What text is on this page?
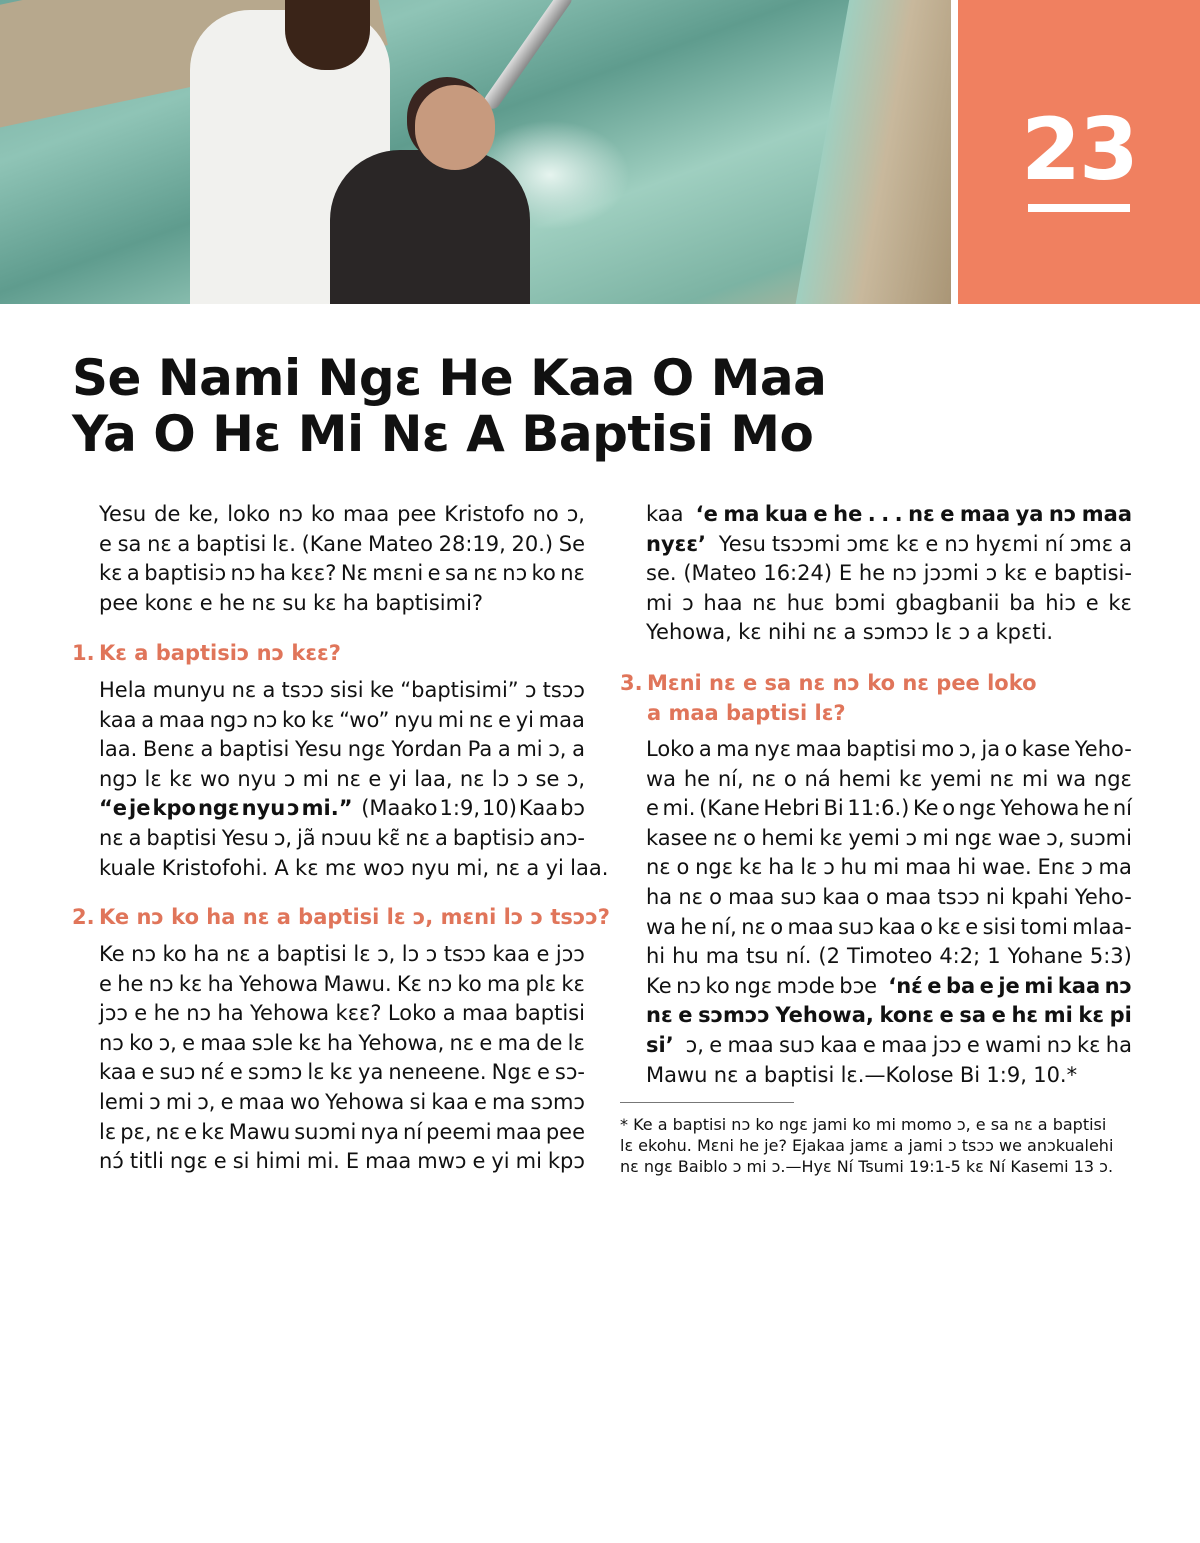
23
Se Nami Ngɛ He Kaa O Maa
Ya O Hɛ Mi Nɛ A Baptisi Mo
Yesu de ke, loko nɔ ko maa pee Kristofo no ɔ,
e sa nɛ a baptisi lɛ. (Kane Mateo 28:19, 20.) Se
kɛ a baptisiɔ nɔ ha kɛɛ? Nɛ mɛni e sa nɛ nɔ ko nɛ
pee konɛ e he nɛ su kɛ ha baptisimi?
1. Kɛ a baptisiɔ nɔ kɛɛ?
Hela munyu nɛ a tsɔɔ sisi ke “baptisimi” ɔ tsɔɔ
kaa a maa ngɔ nɔ ko kɛ “wo” nyu mi nɛ e yi maa
laa. Benɛ a baptisi Yesu ngɛ Yordan Pa a mi ɔ, a
ngɔ lɛ kɛ wo nyu ɔ mi nɛ e yi laa, nɛ lɔ ɔ se ɔ,
“e je kpo ngɛ nyu ɔ mi.” (Maako 1:9, 10) Kaa bɔ
nɛ a baptisi Yesu ɔ, jã nɔuu kɛ̃ nɛ a baptisiɔ anɔ-
kuale Kristofohi. A kɛ mɛ woɔ nyu mi, nɛ a yi laa.
2. Ke nɔ ko ha nɛ a baptisi lɛ ɔ, mɛni lɔ ɔ tsɔɔ?
Ke nɔ ko ha nɛ a baptisi lɛ ɔ, lɔ ɔ tsɔɔ kaa e jɔɔ
e he nɔ kɛ ha Yehowa Mawu. Kɛ nɔ ko ma plɛ kɛ
jɔɔ e he nɔ ha Yehowa kɛɛ? Loko a maa baptisi
nɔ ko ɔ, e maa sɔle kɛ ha Yehowa, nɛ e ma de lɛ
kaa e suɔ nɛ́ e sɔmɔ lɛ kɛ ya neneene. Ngɛ e sɔ-
lemi ɔ mi ɔ, e maa wo Yehowa si kaa e ma sɔmɔ
lɛ pɛ, nɛ e kɛ Mawu suɔmi nya ní peemi maa pee
nɔ́ titli ngɛ e si himi mi. E maa mwɔ e yi mi kpɔ
kaa ‘e ma kua e he . . . nɛ e maa ya nɔ maa
nyɛɛ’ Yesu tsɔɔmi ɔmɛ kɛ e nɔ hyɛmi ní ɔmɛ a
se. (Mateo 16:24) E he nɔ jɔɔmi ɔ kɛ e baptisi-
mi ɔ haa nɛ huɛ bɔmi gbagbanii ba hiɔ e kɛ
Yehowa, kɛ nihi nɛ a sɔmɔɔ lɛ ɔ a kpɛti.
3. Mɛni nɛ e sa nɛ nɔ ko nɛ pee loko
a maa baptisi lɛ?
Loko a ma nyɛ maa baptisi mo ɔ, ja o kase Yeho-
wa he ní, nɛ o ná hemi kɛ yemi nɛ mi wa ngɛ
e mi. (Kane Hebri Bi 11:6.) Ke o ngɛ Yehowa he ní
kasee nɛ o hemi kɛ yemi ɔ mi ngɛ wae ɔ, suɔmi
nɛ o ngɛ kɛ ha lɛ ɔ hu mi maa hi wae. Enɛ ɔ ma
ha nɛ o maa suɔ kaa o maa tsɔɔ ni kpahi Yeho-
wa he ní, nɛ o maa suɔ kaa o kɛ e sisi tomi mlaa-
hi hu ma tsu ní. (2 Timoteo 4:2; 1 Yohane 5:3)
Ke nɔ ko ngɛ mɔde bɔe ‘nɛ́ e ba e je mi kaa nɔ
nɛ e sɔmɔɔ Yehowa, konɛ e sa e hɛ mi kɛ pi
si’ ɔ, e maa suɔ kaa e maa jɔɔ e wami nɔ kɛ ha
Mawu nɛ a baptisi lɛ.—Kolose Bi 1:9, 10.*
* Ke a baptisi nɔ ko ngɛ jami ko mi momo ɔ, e sa nɛ a baptisi
lɛ ekohu. Mɛni he je? Ejakaa jamɛ a jami ɔ tsɔɔ we anɔkualehi
nɛ ngɛ Baiblo ɔ mi ɔ.—Hyɛ Ní Tsumi 19:1-5 kɛ Ní Kasemi 13 ɔ.
